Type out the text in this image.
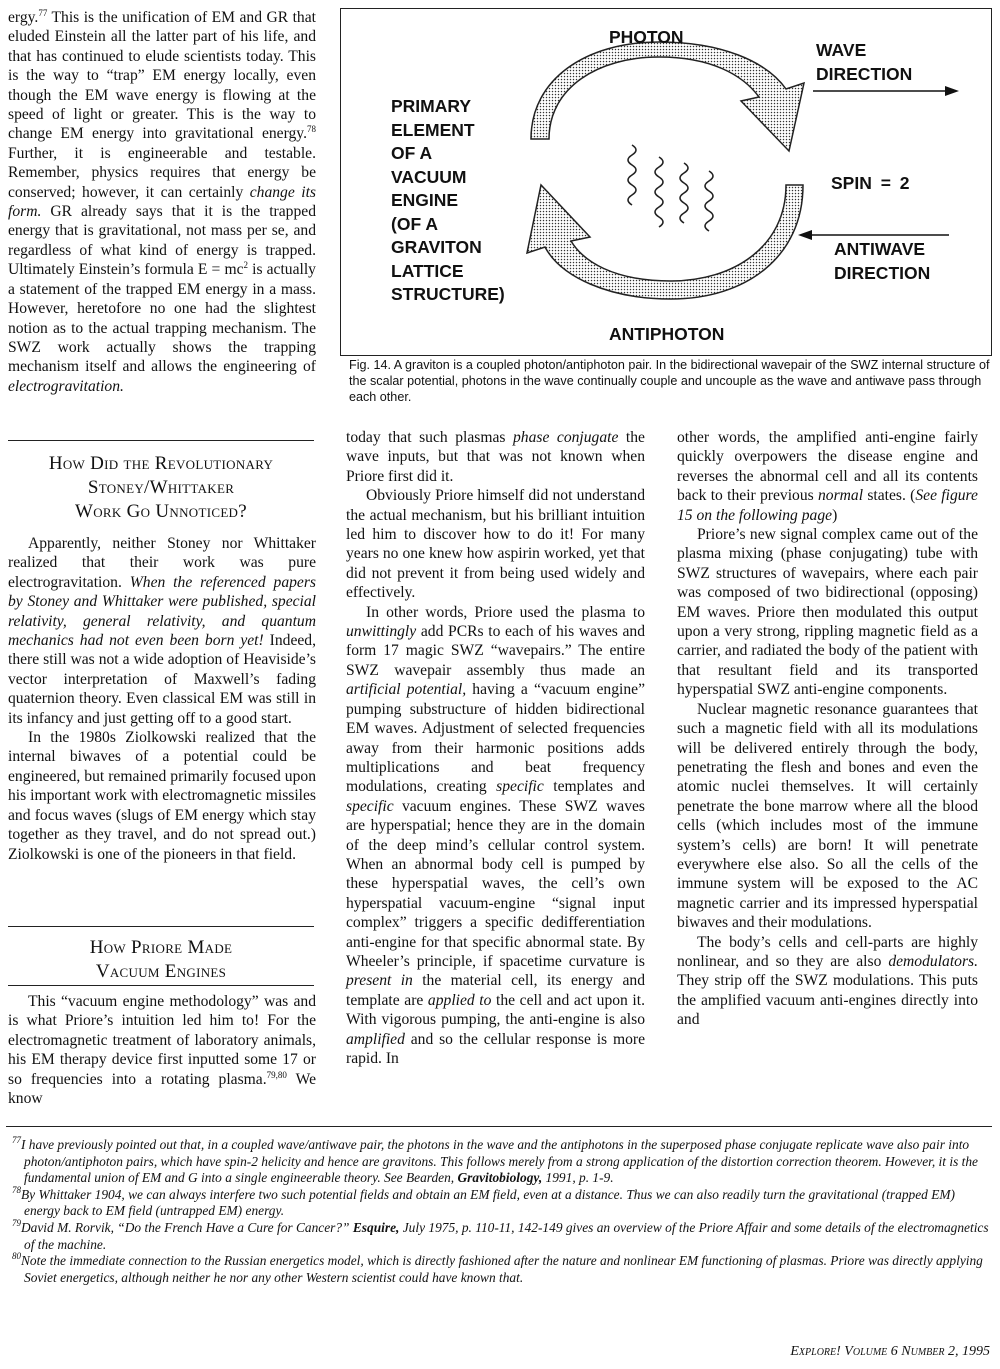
ergy.$^{77}$ This is the unification of EM and GR that eluded Einstein all the latter part of his life, and that has continued to elude scientists today. This is the way to “trap” EM energy locally, even though the EM wave energy is flowing at the speed of light or greater. This is the way to change EM energy into gravitational energy.$^{78}$ Further, it is engineerable and testable. Remember, physics requires that energy be conserved; however, it can certainly change its form. GR already says that it is the trapped energy that is gravitational, not mass per se, and regardless of what kind of energy is trapped. Ultimately Einstein’s formula $E = mc^2$ is actually a statement of the trapped EM energy in a mass. However, heretofore no one had the slightest notion as to the actual trapping mechanism. The SWZ work actually shows the trapping mechanism itself and allows the engineering of electrogravitation.

How Did the Revolutionary
Stoney/Whittaker
Work Go Unnoticed?

Apparently, neither Stoney nor Whittaker realized that their work was pure electrogravitation. When the referenced papers by Stoney and Whittaker were published, special relativity, general relativity, and quantum mechanics had not even been born yet! Indeed, there still was not a wide adoption of Heaviside’s vector interpretation of Maxwell’s fading quaternion theory. Even classical EM was still in its infancy and just getting off to a good start.

In the 1980s Ziolkowski realized that the internal biwaves of a potential could be engineered, but remained primarily focused upon his important work with electromagnetic missiles and focus waves (slugs of EM energy which stay together as they travel, and do not spread out.) Ziolkowski is one of the pioneers in that field.

How Priore Made
Vacuum Engines

This “vacuum engine methodology” was and is what Priore’s intuition led him to! For the electromagnetic treatment of laboratory animals, his EM therapy device first inputted some 17 or so frequencies into a rotating plasma.$^{79,80}$ We know

PHOTON
WAVE
DIRECTION
SPIN = 2
ANTIWAVE
DIRECTION
PRIMARY
ELEMENT
OF A
VACUUM
ENGINE
(OF A
GRAVITON
LATTICE
STRUCTURE)
ANTIPHOTON
Fig. 14. A graviton is a coupled photon/antiphoton pair. In the bidirectional wavepair of the SWZ internal structure of the scalar potential, photons in the wave continually couple and uncouple as the wave and antiwave pass through each other.

today that such plasmas phase conjugate the wave inputs, but that was not known when Priore first did it.

Obviously Priore himself did not understand the actual mechanism, but his brilliant intuition led him to discover how to do it! For many years no one knew how aspirin worked, yet that did not prevent it from being used widely and effectively.

In other words, Priore used the plasma to unwittingly add PCRs to each of his waves and form 17 magic SWZ “wavepairs.” The entire SWZ wavepair assembly thus made an artificial potential, having a “vacuum engine” pumping substructure of hidden bidirectional EM waves. Adjustment of selected frequencies away from their harmonic positions adds multiplications and beat frequency modulations, creating specific templates and specific vacuum engines. These SWZ waves are hyperspatial; hence they are in the domain of the deep mind’s cellular control system. When an abnormal body cell is pumped by these hyperspatial waves, the cell’s own hyperspatial vacuum-engine “signal input complex” triggers a specific dedifferentiation anti-engine for that specific abnormal state. By Wheeler’s principle, if spacetime curvature is present in the material cell, its energy and template are applied to the cell and act upon it. With vigorous pumping, the anti-engine is also amplified and so the cellular response is more rapid. In

other words, the amplified anti-engine fairly quickly overpowers the disease engine and reverses the abnormal cell and all its contents back to their previous normal states. (See figure 15 on the following page)

Priore’s new signal complex came out of the plasma mixing (phase conjugating) tube with SWZ structures of wavepairs, where each pair was composed of two bidirectional (opposing) EM waves. Priore then modulated this output upon a very strong, rippling magnetic field as a carrier, and radiated the body of the patient with that resultant field and its transported hyperspatial SWZ anti-engine components.

Nuclear magnetic resonance guarantees that such a magnetic field with all its modulations will be delivered entirely through the body, penetrating the flesh and bones and even the atomic nuclei themselves. It will certainly penetrate the bone marrow where all the blood cells (which includes most of the immune system’s cells) are born! It will penetrate everywhere else also. So all the cells of the immune system will be exposed to the AC magnetic carrier and its impressed hyperspatial biwaves and their modulations.

The body’s cells and cell-parts are highly nonlinear, and so they are also demodulators. They strip off the SWZ modulations. This puts the amplified vacuum anti-engines directly into and

$^{77}$I have previously pointed out that, in a coupled wave/antiwave pair, the photons in the wave and the antiphotons in the superposed phase conjugate replicate wave also pair into photon/antiphoton pairs, which have spin-2 helicity and hence are gravitons. This follows merely from a strong application of the distortion correction theorem. However, it is the fundamental union of EM and G into a single engineerable theory. See Bearden, Gravitobiology, 1991, p. 1-9.

$^{78}$By Whittaker 1904, we can always interfere two such potential fields and obtain an EM field, even at a distance. Thus we can also readily turn the gravitational (trapped EM) energy back to EM field (untrapped EM) energy.

$^{79}$David M. Rorvik, “Do the French Have a Cure for Cancer?” Esquire, July 1975, p. 110-11, 142-149 gives an overview of the Priore Affair and some details of the electromagnetics of the machine.

$^{80}$Note the immediate connection to the Russian energetics model, which is directly fashioned after the nature and nonlinear EM functioning of plasmas. Priore was directly applying Soviet energetics, although neither he nor any other Western scientist could have known that.

Explore! Volume 6 Number 2, 1995
